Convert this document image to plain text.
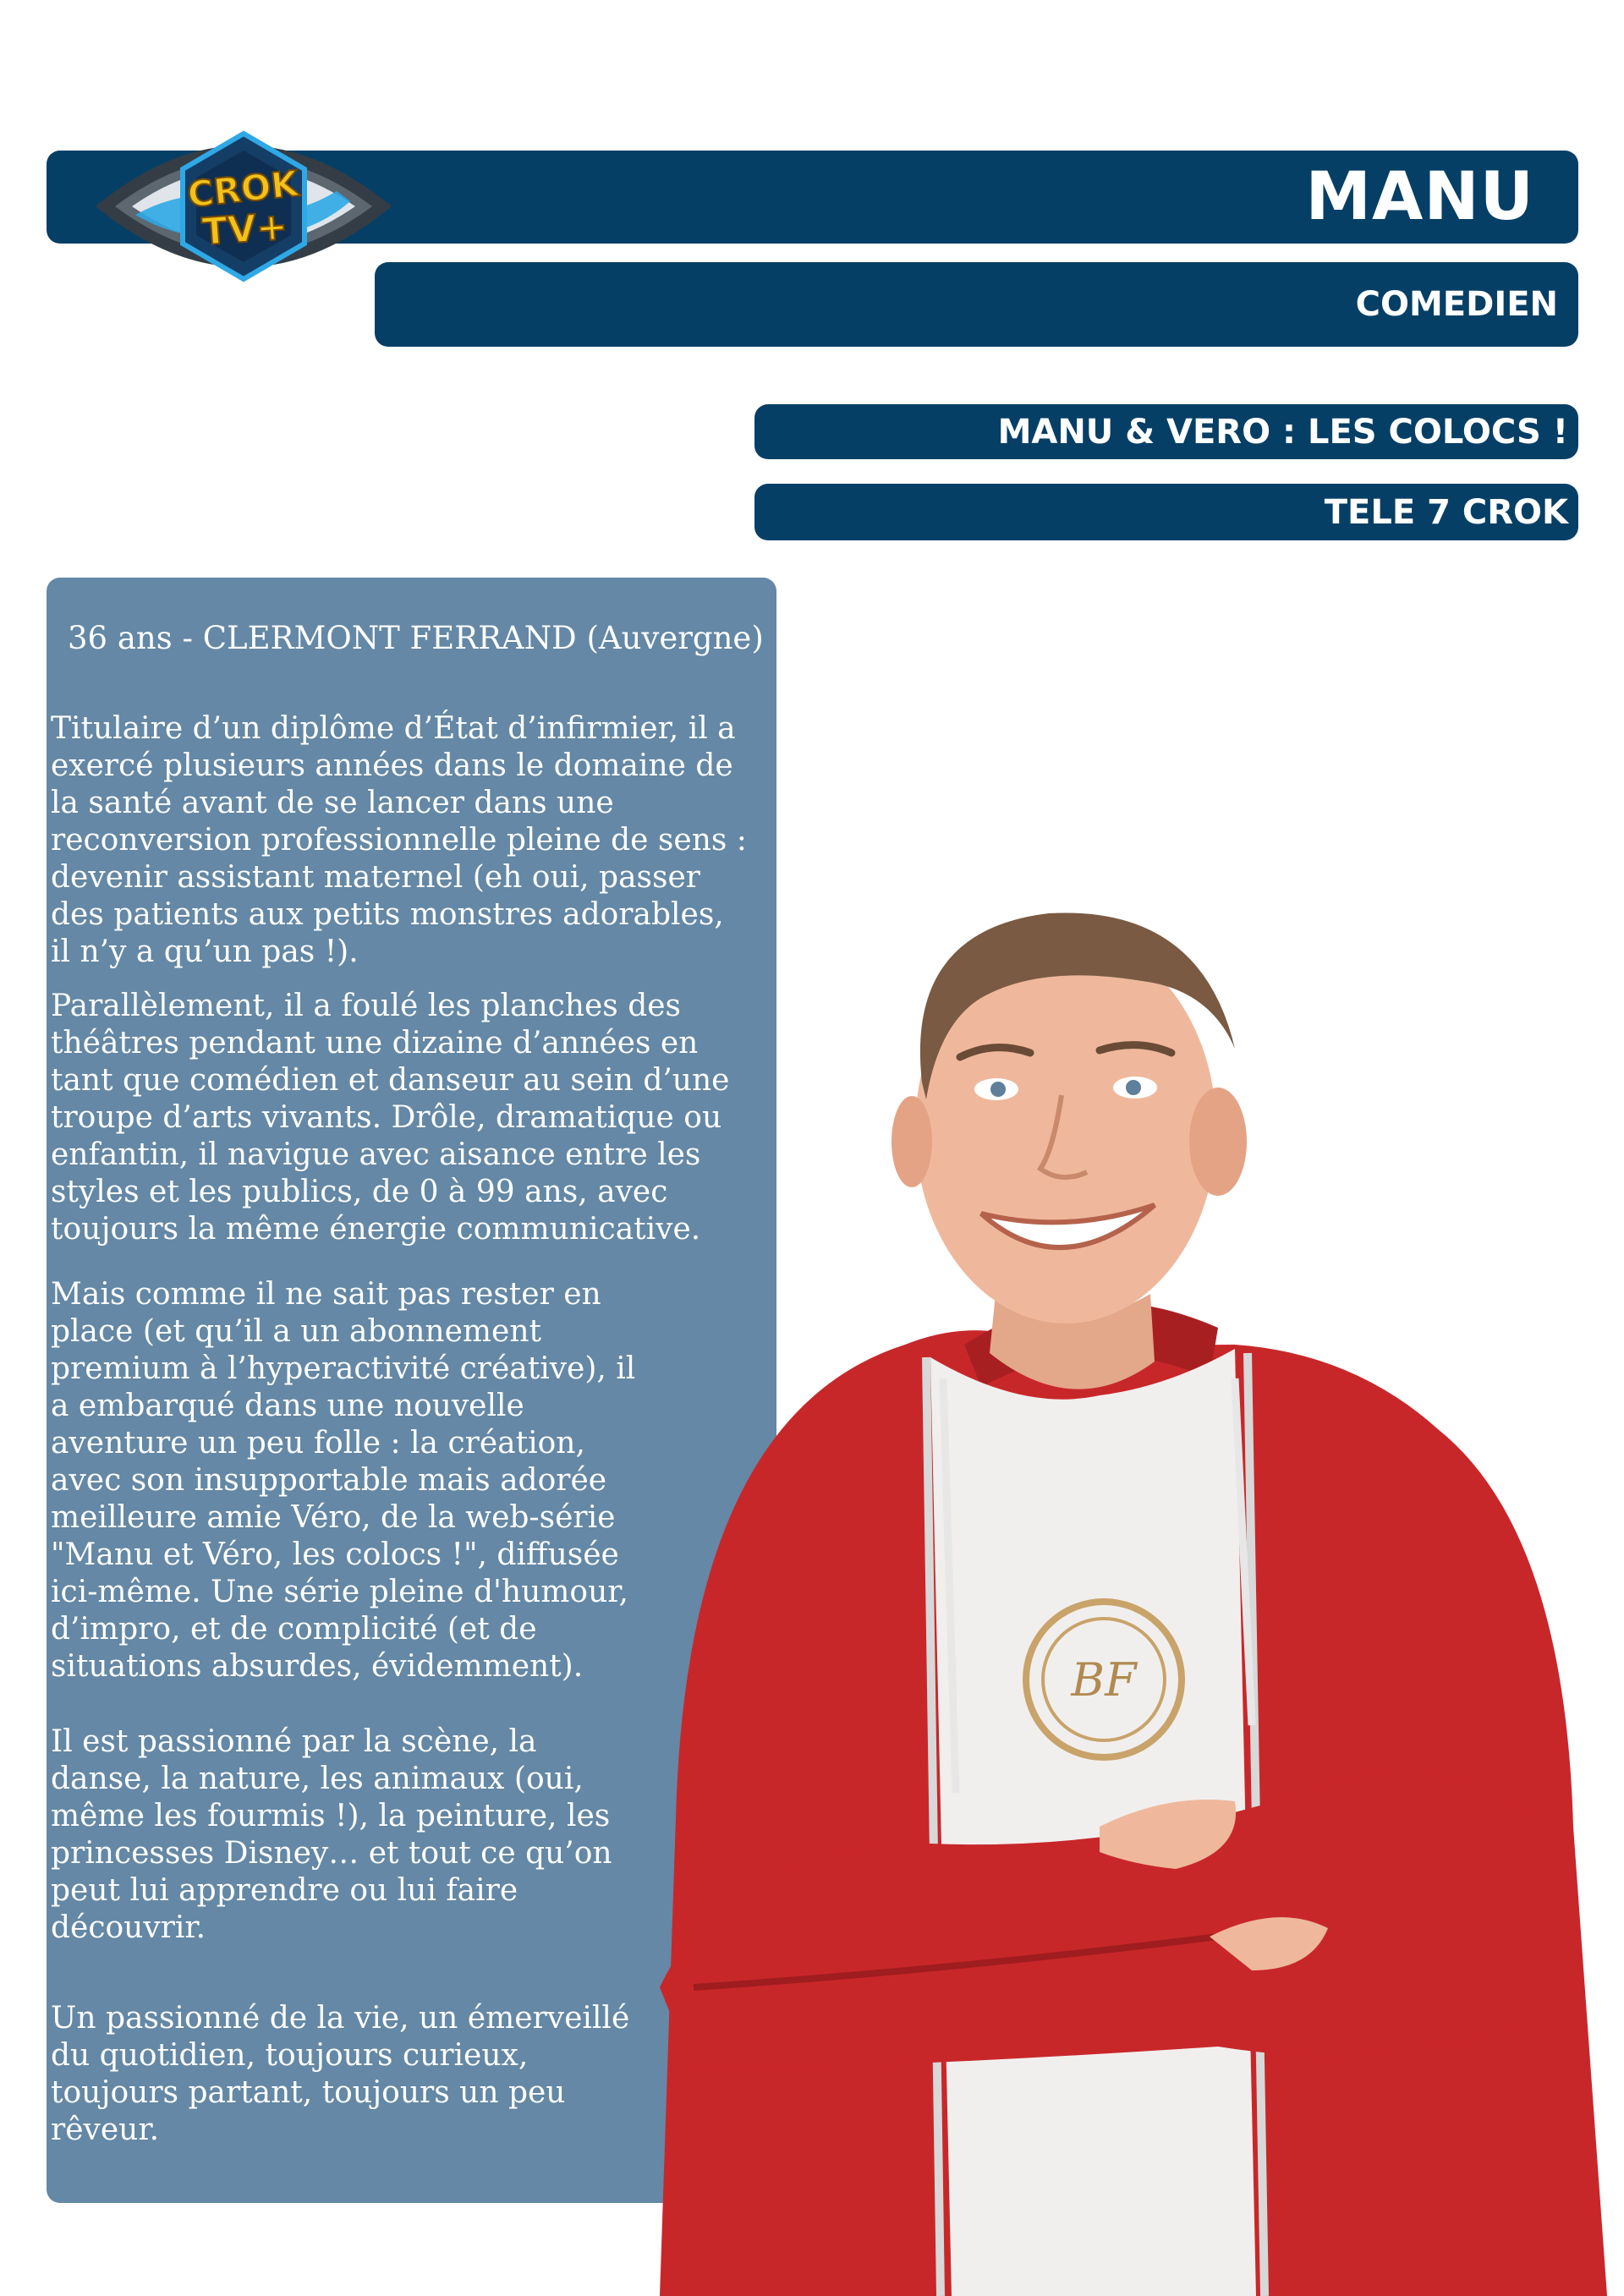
MANU
COMEDIEN
MANU & VERO : LES COLOCS !
TELE 7 CROK
CROK
TV+

36 ans - CLERMONT FERRAND (Auvergne)

Titulaire d’un diplôme d’État d’infirmier, il a exercé plusieurs années dans le domaine de la santé avant de se lancer dans une reconversion professionnelle pleine de sens : devenir assistant maternel (eh oui, passer des patients aux petits monstres adorables, il n’y a qu’un pas !).

Parallèlement, il a foulé les planches des théâtres pendant une dizaine d’années en tant que comédien et danseur au sein d’une troupe d’arts vivants. Drôle, dramatique ou enfantin, il navigue avec aisance entre les styles et les publics, de 0 à 99 ans, avec toujours la même énergie communicative.

Mais comme il ne sait pas rester en place (et qu’il a un abonnement premium à l’hyperactivité créative), il a embarqué dans une nouvelle aventure un peu folle : la création, avec son insupportable mais adorée meilleure amie Véro, de la web-série "Manu et Véro, les colocs !", diffusée ici-même. Une série pleine d'humour, d’impro, et de complicité (et de situations absurdes, évidemment).

Il est passionné par la scène, la danse, la nature, les animaux (oui, même les fourmis !), la peinture, les princesses Disney… et tout ce qu’on peut lui apprendre ou lui faire découvrir.

Un passionné de la vie, un émerveillé du quotidien, toujours curieux, toujours partant, toujours un peu rêveur.

BF
